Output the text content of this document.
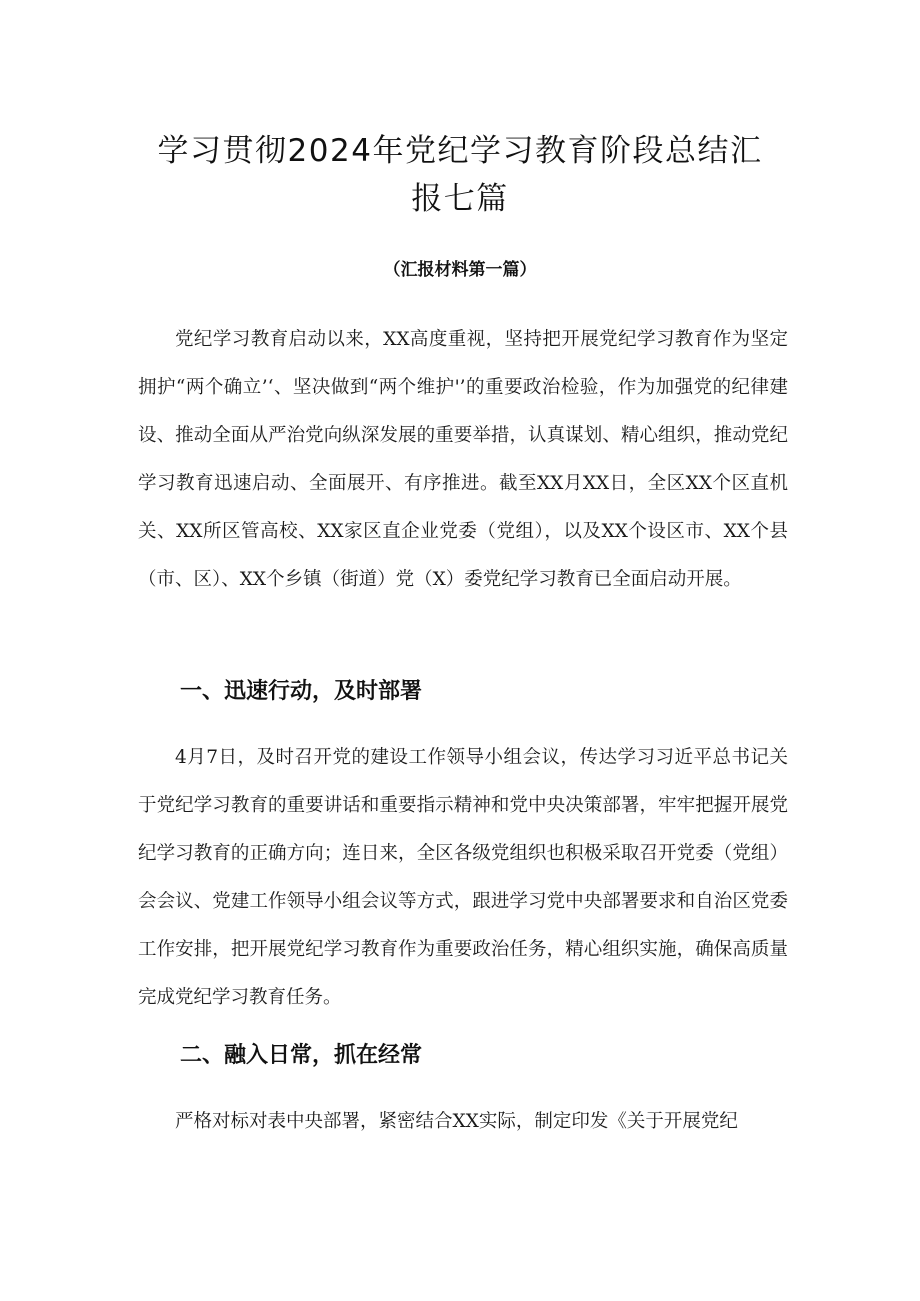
学习贯彻2024年党纪学习教育阶段总结汇报七篇
（汇报材料第一篇）

党纪学习教育启动以来，XX高度重视，坚持把开展党纪学习教育作为坚定拥护“两个确立’‘、坚决做到“两个维护'’的重要政治检验，作为加强党的纪律建设、推动全面从严治党向纵深发展的重要举措，认真谋划、精心组织，推动党纪学习教育迅速启动、全面展开、有序推进。截至XX月XX日，全区XX个区直机关、XX所区管高校、XX家区直企业党委（党组），以及XX个设区市、XX个县（市、区）、XX个乡镇（街道）党（X）委党纪学习教育已全面启动开展。

一、迅速行动，及时部署

4月7日，及时召开党的建设工作领导小组会议，传达学习习近平总书记关于党纪学习教育的重要讲话和重要指示精神和党中央决策部署，牢牢把握开展党纪学习教育的正确方向；连日来，全区各级党组织也积极采取召开党委（党组）会会议、党建工作领导小组会议等方式，跟进学习党中央部署要求和自治区党委工作安排，把开展党纪学习教育作为重要政治任务，精心组织实施，确保高质量完成党纪学习教育任务。

二、融入日常，抓在经常

严格对标对表中央部署，紧密结合XX实际，制定印发《关于开展党纪
